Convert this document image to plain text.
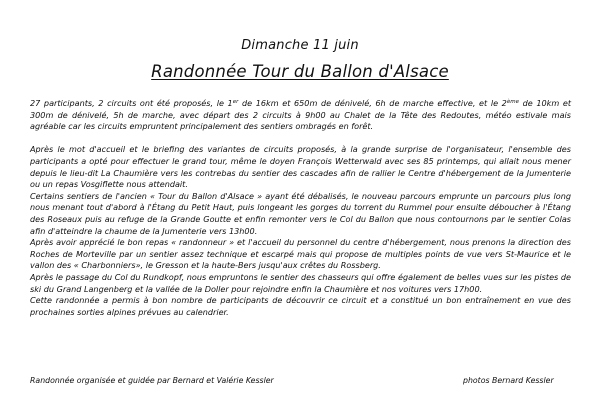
Dimanche 11 juin
Randonnée Tour du Ballon d'Alsace

27 participants, 2 circuits ont été proposés, le 1er de 16km et 650m de dénivelé, 6h de marche effective, et le 2ème de 10km et 300m de dénivelé, 5h de marche, avec départ des 2 circuits à 9h00 au Chalet de la Tête des Redoutes, météo estivale mais agréable car les circuits empruntent principalement des sentiers ombragés en forêt.

Après le mot d'accueil et le briefing des variantes de circuits proposés, à la grande surprise de l'organisateur, l'ensemble des participants a opté pour effectuer le grand tour, même le doyen François Wetterwald avec ses 85 printemps, qui allait nous mener depuis le lieu-dit La Chaumière vers les contrebas du sentier des cascades afin de rallier le Centre d'hébergement de la Jumenterie ou un repas Vosgiflette nous attendait.

Certains sentiers de l'ancien « Tour du Ballon d'Alsace » ayant été débalisés, le nouveau parcours emprunte un parcours plus long nous menant tout d'abord à l'Étang du Petit Haut, puis longeant les gorges du torrent du Rummel pour ensuite déboucher à l'Étang des Roseaux puis au refuge de la Grande Goutte et enfin remonter vers le Col du Ballon que nous contournons par le sentier Colas afin d'atteindre la chaume de la Jumenterie vers 13h00.

Après avoir apprécié le bon repas « randonneur » et l'accueil du personnel du centre d'hébergement, nous prenons la direction des Roches de Morteville par un sentier assez technique et escarpé mais qui propose de multiples points de vue vers St-Maurice et le vallon des « Charbonniers», le Gresson et la haute-Bers jusqu'aux crêtes du Rossberg.

Après le passage du Col du Rundkopf, nous empruntons le sentier des chasseurs qui offre également de belles vues sur les pistes de ski du Grand Langenberg et la vallée de la Doller pour rejoindre enfin la Chaumière et nos voitures vers 17h00.

Cette randonnée a permis à bon nombre de participants de découvrir ce circuit et a constitué un bon entraînement en vue des prochaines sorties alpines prévues au calendrier.

Randonnée organisée et guidée par Bernard et Valérie Kessler	photos Bernard Kessler
